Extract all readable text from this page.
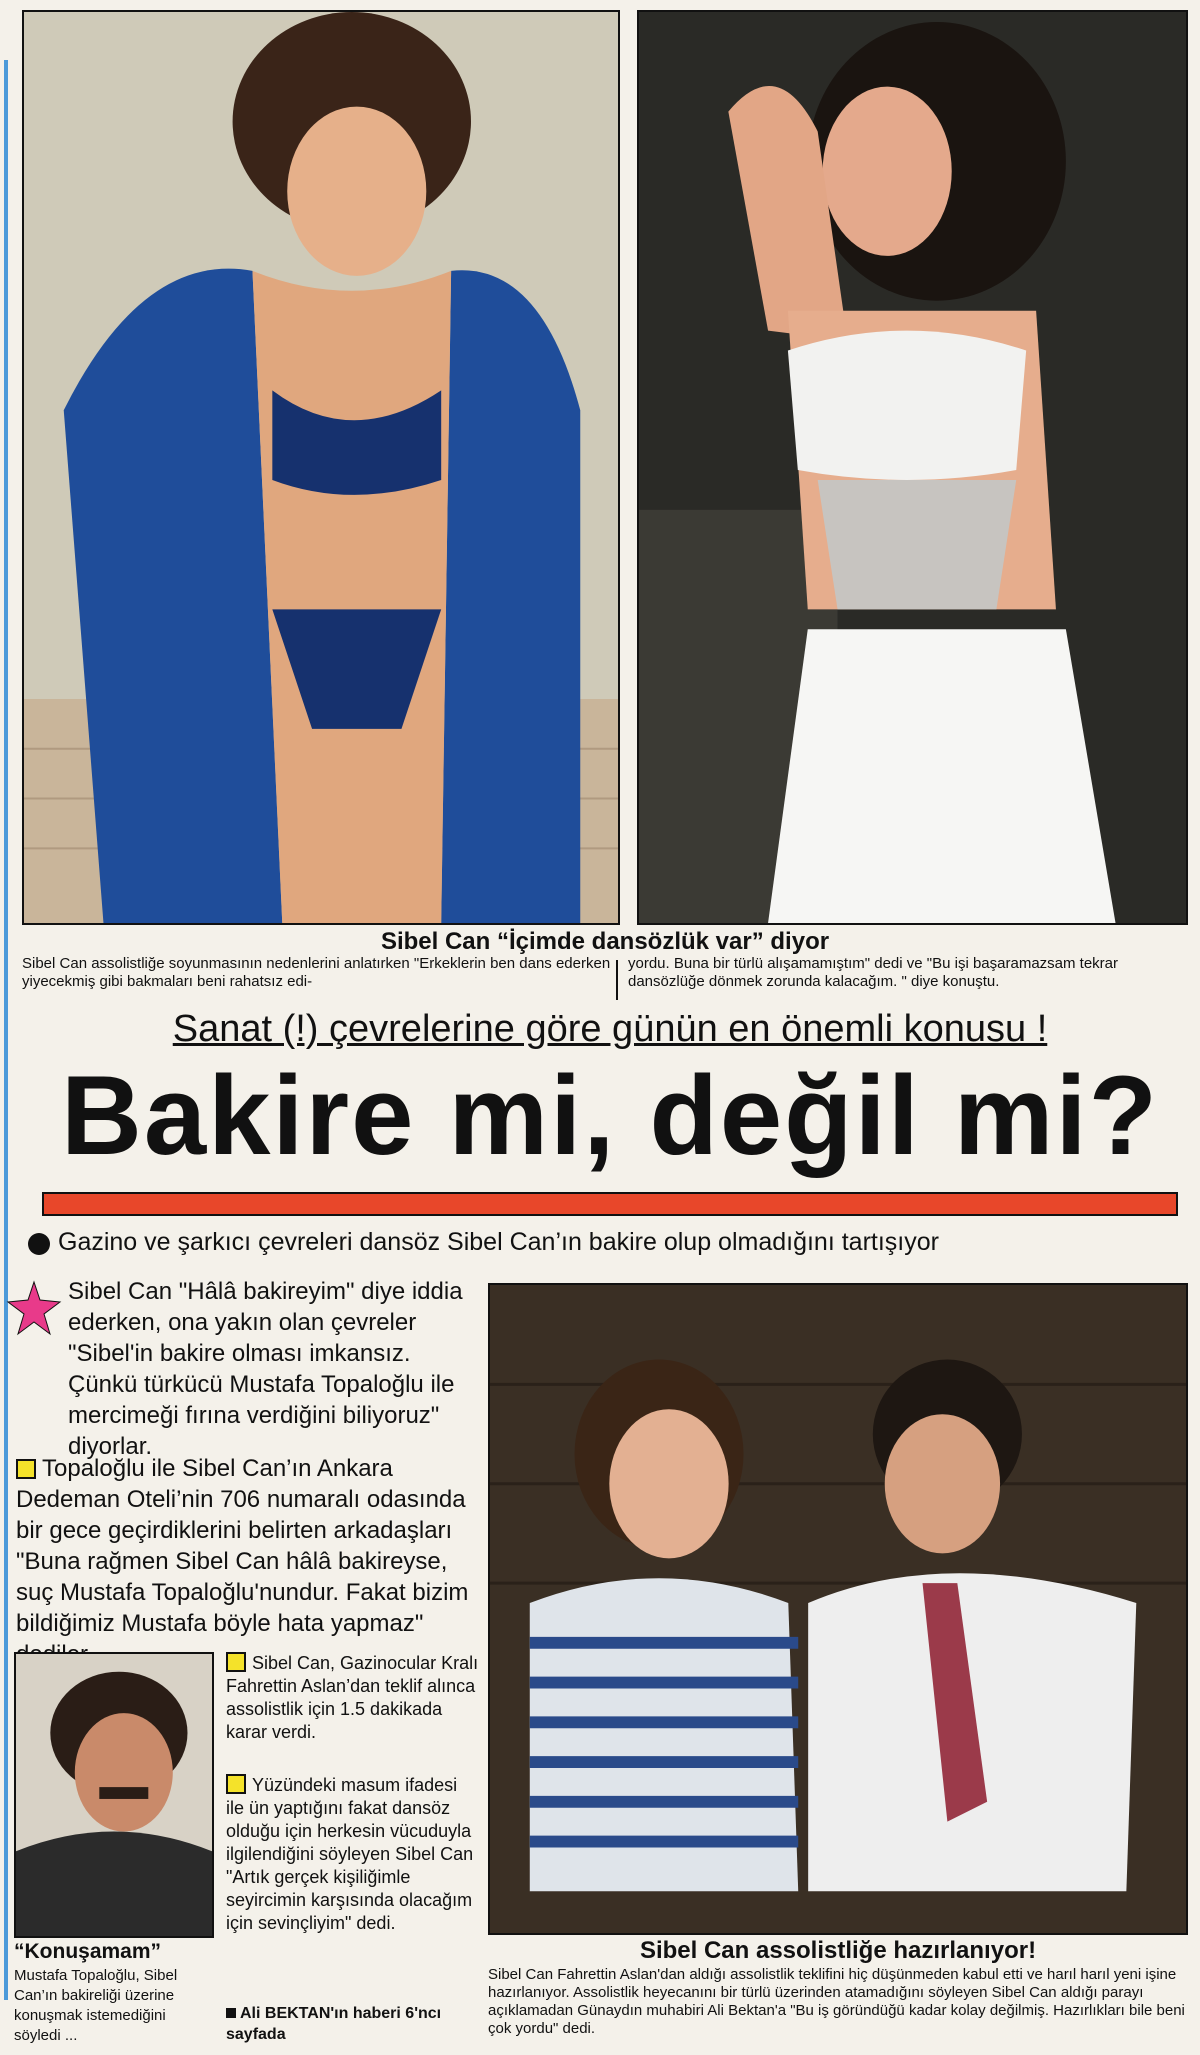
Sibel Can “İçimde dansözlük var” diyor
Sibel Can assolistliğe soyunmasının nedenlerini anlatırken "Erkeklerin ben dans ederken yiyecekmiş gibi bakmaları beni rahatsız edi-
yordu. Buna bir türlü alışamamıştım" dedi ve "Bu işi başaramazsam tekrar dansözlüğe dönmek zorunda kalacağım. " diye konuştu.
Sanat (!) çevrelerine göre günün en önemli konusu !
Bakire mi, değil mi?
Gazino ve şarkıcı çevreleri dansöz Sibel Can’ın bakire olup olmadığını tartışıyor
Sibel Can "Hâlâ bakireyim" diye iddia ederken, ona yakın olan çevreler "Sibel'in bakire olması imkansız. Çünkü türkücü Mustafa Topaloğlu ile mercimeği fırına verdiğini biliyoruz" diyorlar.
Topaloğlu ile Sibel Can’ın Ankara Dedeman Oteli’nin 706 numaralı odasında bir gece geçirdiklerini belirten arkadaşları "Buna rağmen Sibel Can hâlâ bakireyse, suç Mustafa Topaloğlu'nundur. Fakat bizim bildiğimiz Mustafa böyle hata yapmaz"
“Konuşamam”
Mustafa Topaloğlu, Sibel Can’ın bakireliği üzerine konuşmak istemediğini söyledi ...
Sibel Can, Gazinocular Kralı Fahrettin Aslan’dan teklif alınca assolistlik için 1.5 dakikada karar verdi.
Yüzündeki masum ifadesi ile ün yaptığını fakat dansöz olduğu için herkesin vücuduyla ilgilendiğini söyleyen Sibel Can "Artık gerçek kişiliğimle seyircimin karşısında olacağım için sevinçliyim" dedi.
Ali BEKTAN'ın haberi 6'ncı sayfada
Sibel Can assolistliğe hazırlanıyor!
Sibel Can Fahrettin Aslan'dan aldığı assolistlik teklifini hiç düşünmeden kabul etti ve harıl harıl yeni işine hazırlanıyor. Assolistlik heyecanını bir türlü üzerinden atamadığını söyleyen Sibel Can aldığı parayı açıklamadan Günaydın muhabiri Ali Bektan'a "Bu iş göründüğü kadar kolay değilmiş. Hazırlıkları bile beni çok yordu" dedi.
